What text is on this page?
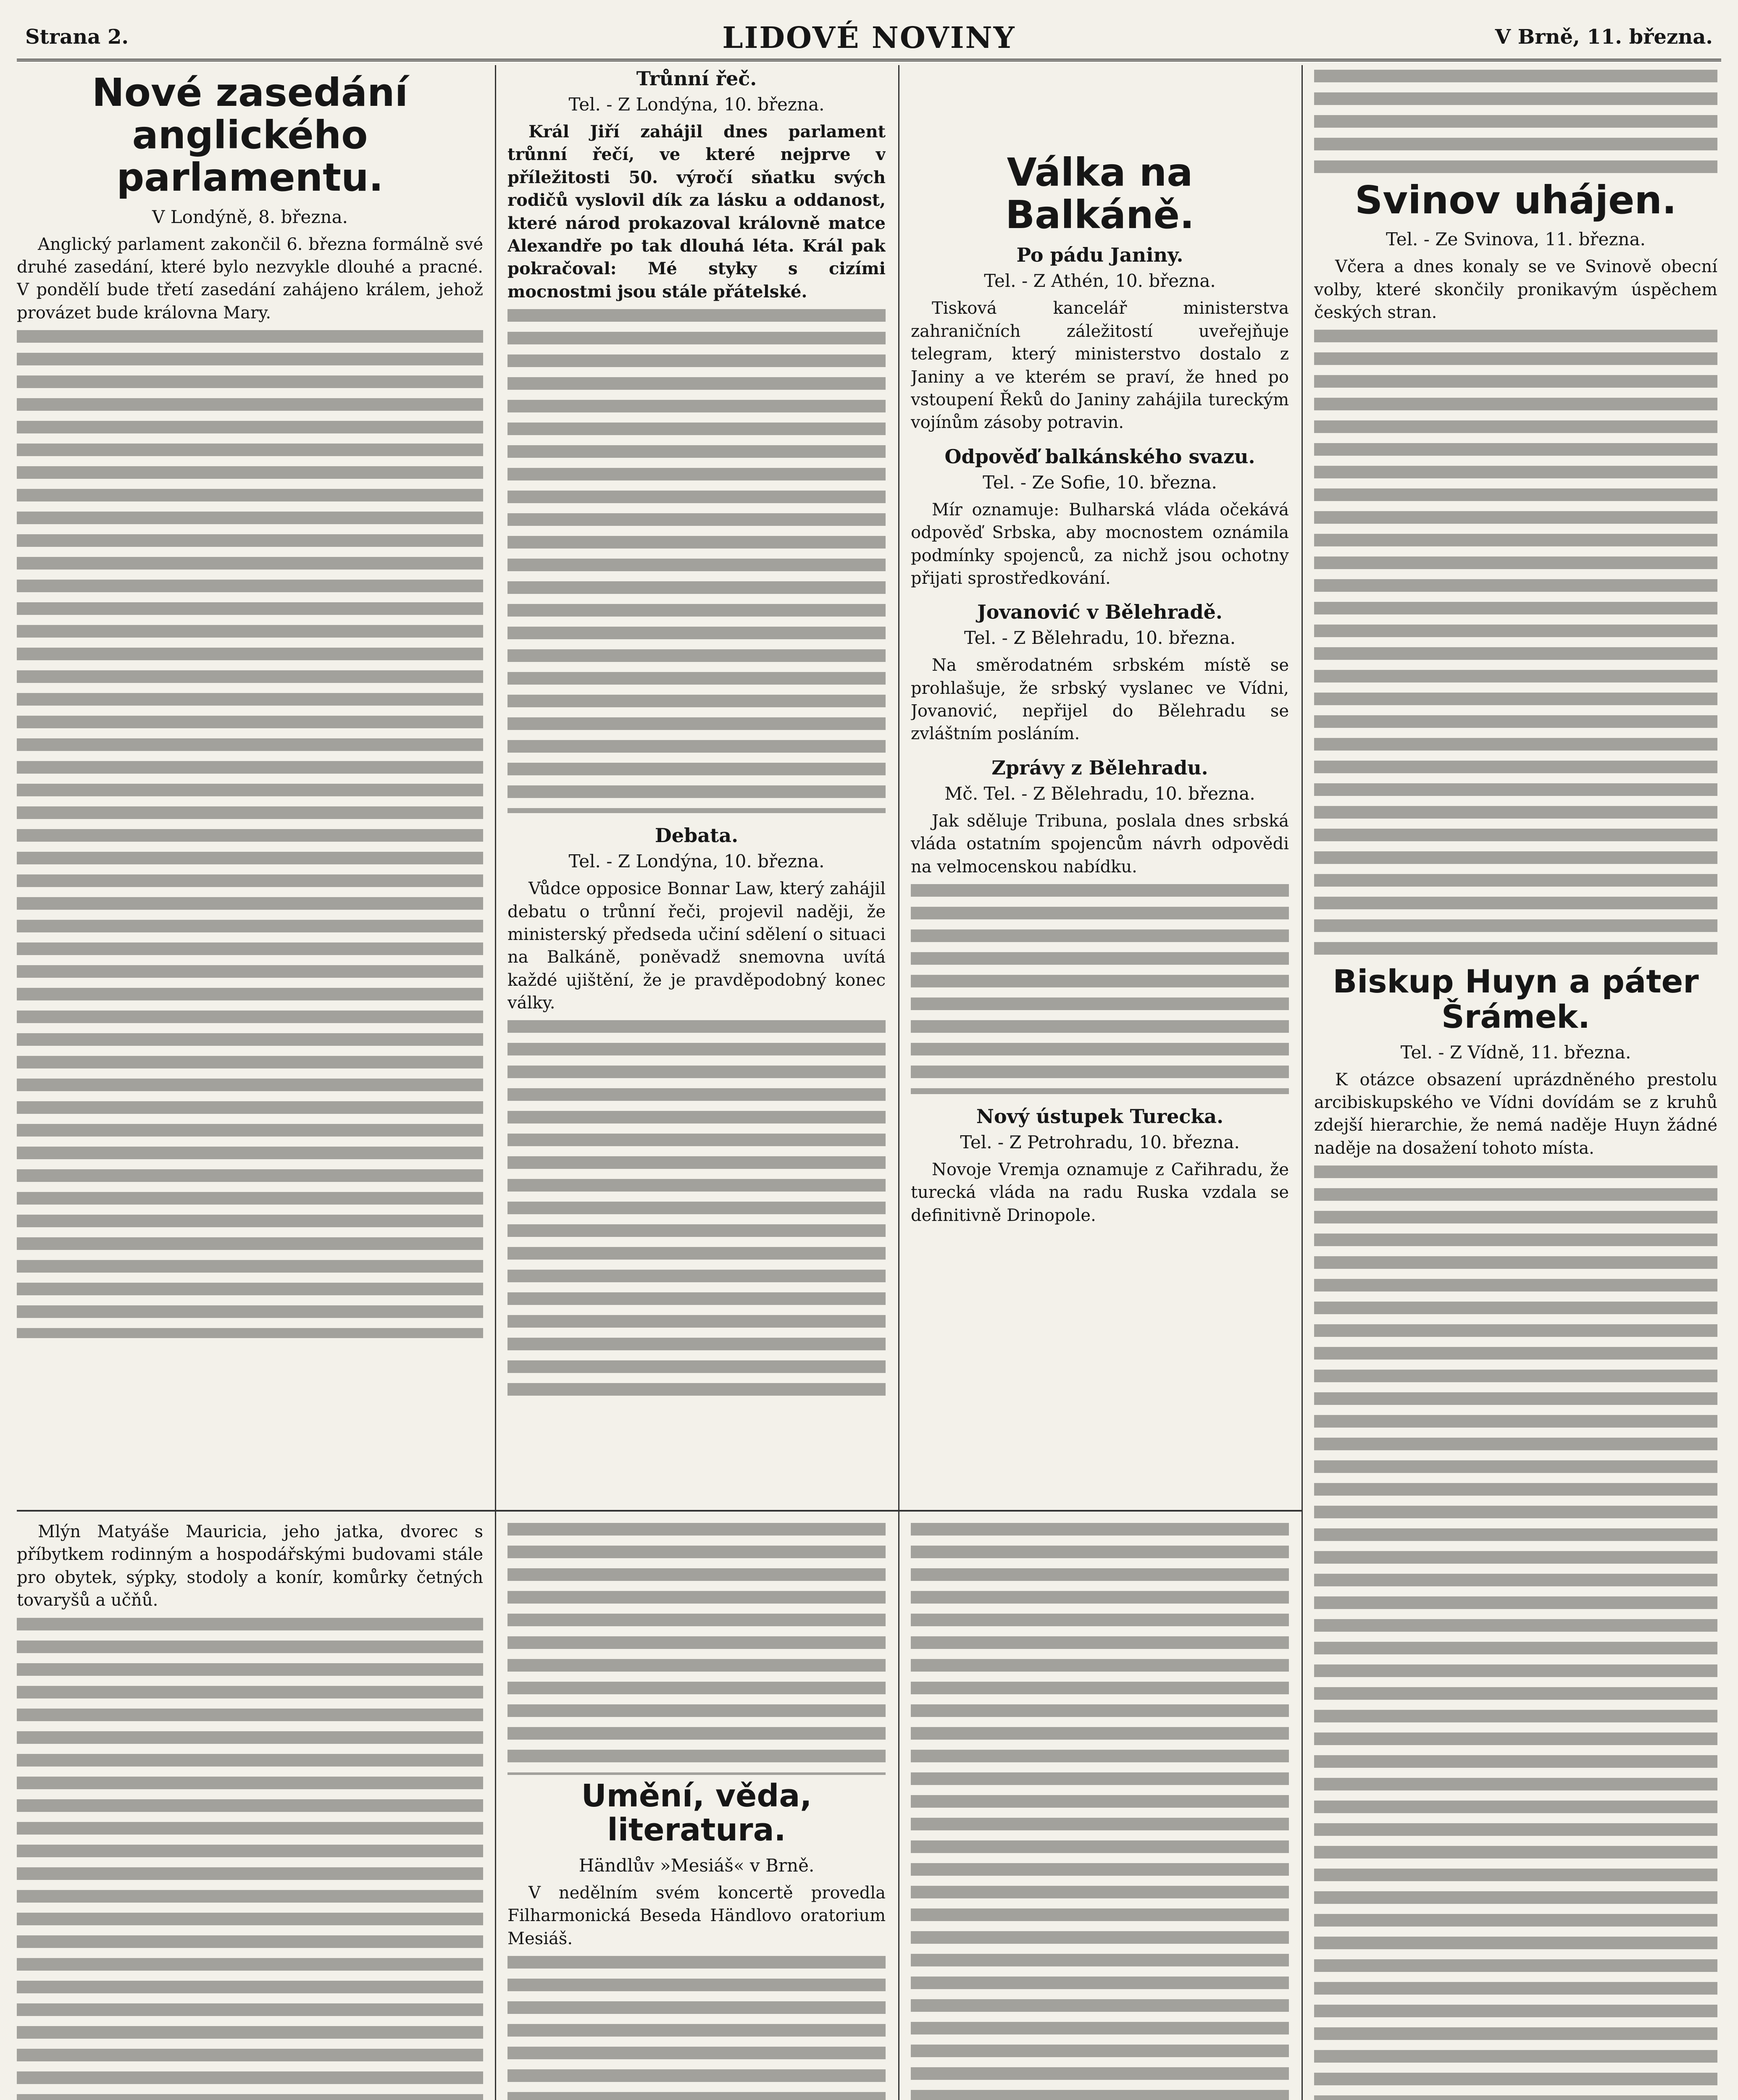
Strana 2.	LIDOVÉ NOVINY	V Brně, 11. března.
Nové zasedání anglického parlamentu.
V Londýně, 8. března.

Anglický parlament zakončil 6. března formálně své druhé zasedání, které bylo nezvykle dlouhé a pracné. V pondělí bude třetí zasedání zahájeno králem, jehož provázet bude královna Mary.

Trůnní řeč.
Tel. - Z Londýna, 10. března.

Král Jiří zahájil dnes parlament trůnní řečí, ve které nejprve v příležitosti 50. výročí sňatku svých rodičů vyslovil dík za lásku a oddanost, které národ prokazoval královně matce Alexandře po tak dlouhá léta. Král pak pokračoval: Mé styky s cizími mocnostmi jsou stále přátelské.

Debata.
Tel. - Z Londýna, 10. března.

Vůdce opposice Bonnar Law, který zahájil debatu o trůnní řeči, projevil naději, že ministerský předseda učiní sdělení o situaci na Balkáně, poněvadž snemovna uvítá každé ujištění, že je pravděpodobný konec války.

Válka na Balkáně.
Po pádu Janiny.
Tel. - Z Athén, 10. března.

Tisková kancelář ministerstva zahraničních záležitostí uveřejňuje telegram, který ministerstvo dostalo z Janiny a ve kterém se praví, že hned po vstoupení Řeků do Janiny zahájila tureckým vojínům zásoby potravin.

Odpověď balkánského svazu.
Tel. - Ze Sofie, 10. března.

Mír oznamuje: Bulharská vláda očekává odpověď Srbska, aby mocnostem oznámila podmínky spojenců, za nichž jsou ochotny přijati sprostředkování.

Jovanović v Bělehradě.
Tel. - Z Bělehradu, 10. března.

Na směrodatném srbském místě se prohlašuje, že srbský vyslanec ve Vídni, Jovanović, nepřijel do Bělehradu se zvláštním posláním.

Zprávy z Bělehradu.
Mč. Tel. - Z Bělehradu, 10. března.

Jak sděluje Tribuna, poslala dnes srbská vláda ostatním spojencům návrh odpovědi na velmocenskou nabídku.

Nový ústupek Turecka.
Tel. - Z Petrohradu, 10. března.

Novoje Vremja oznamuje z Cařihradu, že turecká vláda na radu Ruska vzdala se definitivně Drinopole.

Svinov uhájen.
Tel. - Ze Svinova, 11. března.

Včera a dnes konaly se ve Svinově obecní volby, které skončily pronikavým úspěchem českých stran.

Biskup Huyn a páter Šrámek.
Tel. - Z Vídně, 11. března.

K otázce obsazení uprázdněného prestolu arcibiskupského ve Vídni dovídám se z kruhů zdejší hierarchie, že nemá naděje Huyn žádné naděje na dosažení tohoto místa.

Mlýn Matyáše Mauricia, jeho jatka, dvorec s příbytkem rodinným a hospodářskými budovami stále pro obytek, sýpky, stodoly a konír, komůrky četných tovaryšů a učňů.

Umění, věda, literatura.
Händlův »Mesiáš« v Brně.

V nedělním svém koncertě provedla Filharmonická Beseda Händlovo oratorium Mesiáš.
